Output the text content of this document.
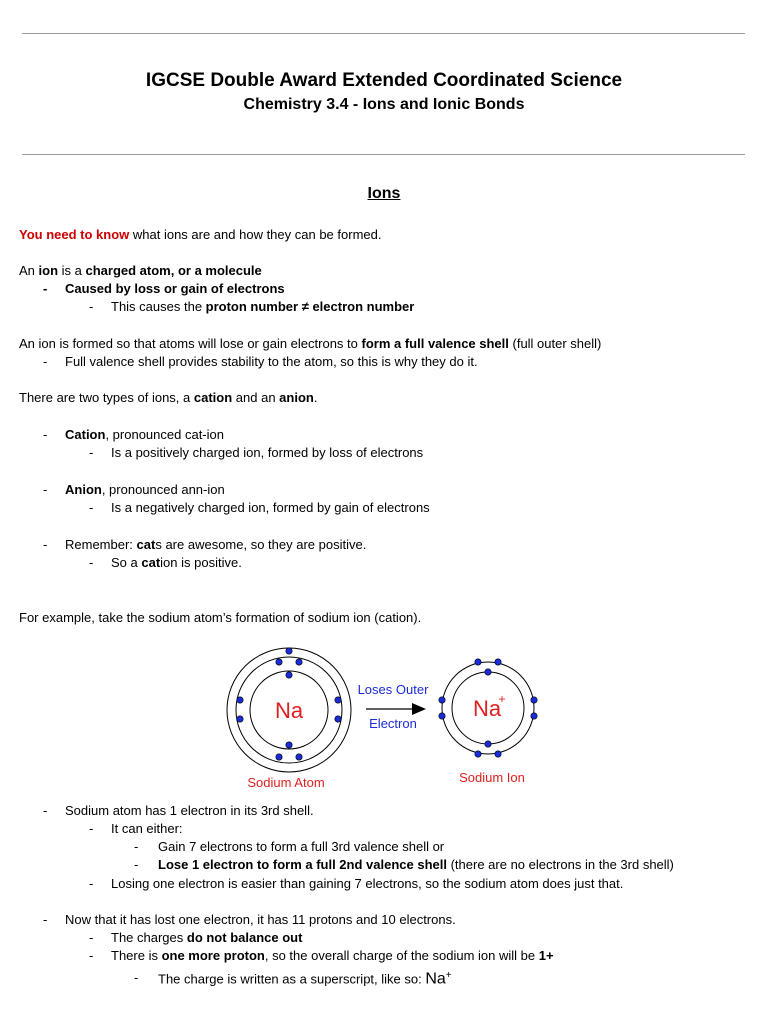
IGCSE Double Award Extended Coordinated Science
Chemistry 3.4 - Ions and Ionic Bonds
Ions
You need to know what ions are and how they can be formed.
An ion is a charged atom, or a molecule
-	Caused by loss or gain of electrons
-	This causes the proton number ≠ electron number
An ion is formed so that atoms will lose or gain electrons to form a full valence shell (full outer shell)
-	Full valence shell provides stability to the atom, so this is why they do it.
There are two types of ions, a cation and an anion.
-	Cation, pronounced cat-ion
-	Is a positively charged ion, formed by loss of electrons
-	Anion, pronounced ann-ion
-	Is a negatively charged ion, formed by gain of electrons
-	Remember: cats are awesome, so they are positive.
-	So a cation is positive.
For example, take the sodium atom’s formation of sodium ion (cation).
Na
Sodium Atom
Loses Outer
Electron
Na
+
Sodium Ion
-	Sodium atom has 1 electron in its 3rd shell.
-	It can either:
-	Gain 7 electrons to form a full 3rd valence shell or
-	Lose 1 electron to form a full 2nd valence shell (there are no electrons in the 3rd shell)
-	Losing one electron is easier than gaining 7 electrons, so the sodium atom does just that.
-	Now that it has lost one electron, it has 11 protons and 10 electrons.
-	The charges do not balance out
-	There is one more proton, so the overall charge of the sodium ion will be 1+
-	The charge is written as a superscript, like so: Na+
